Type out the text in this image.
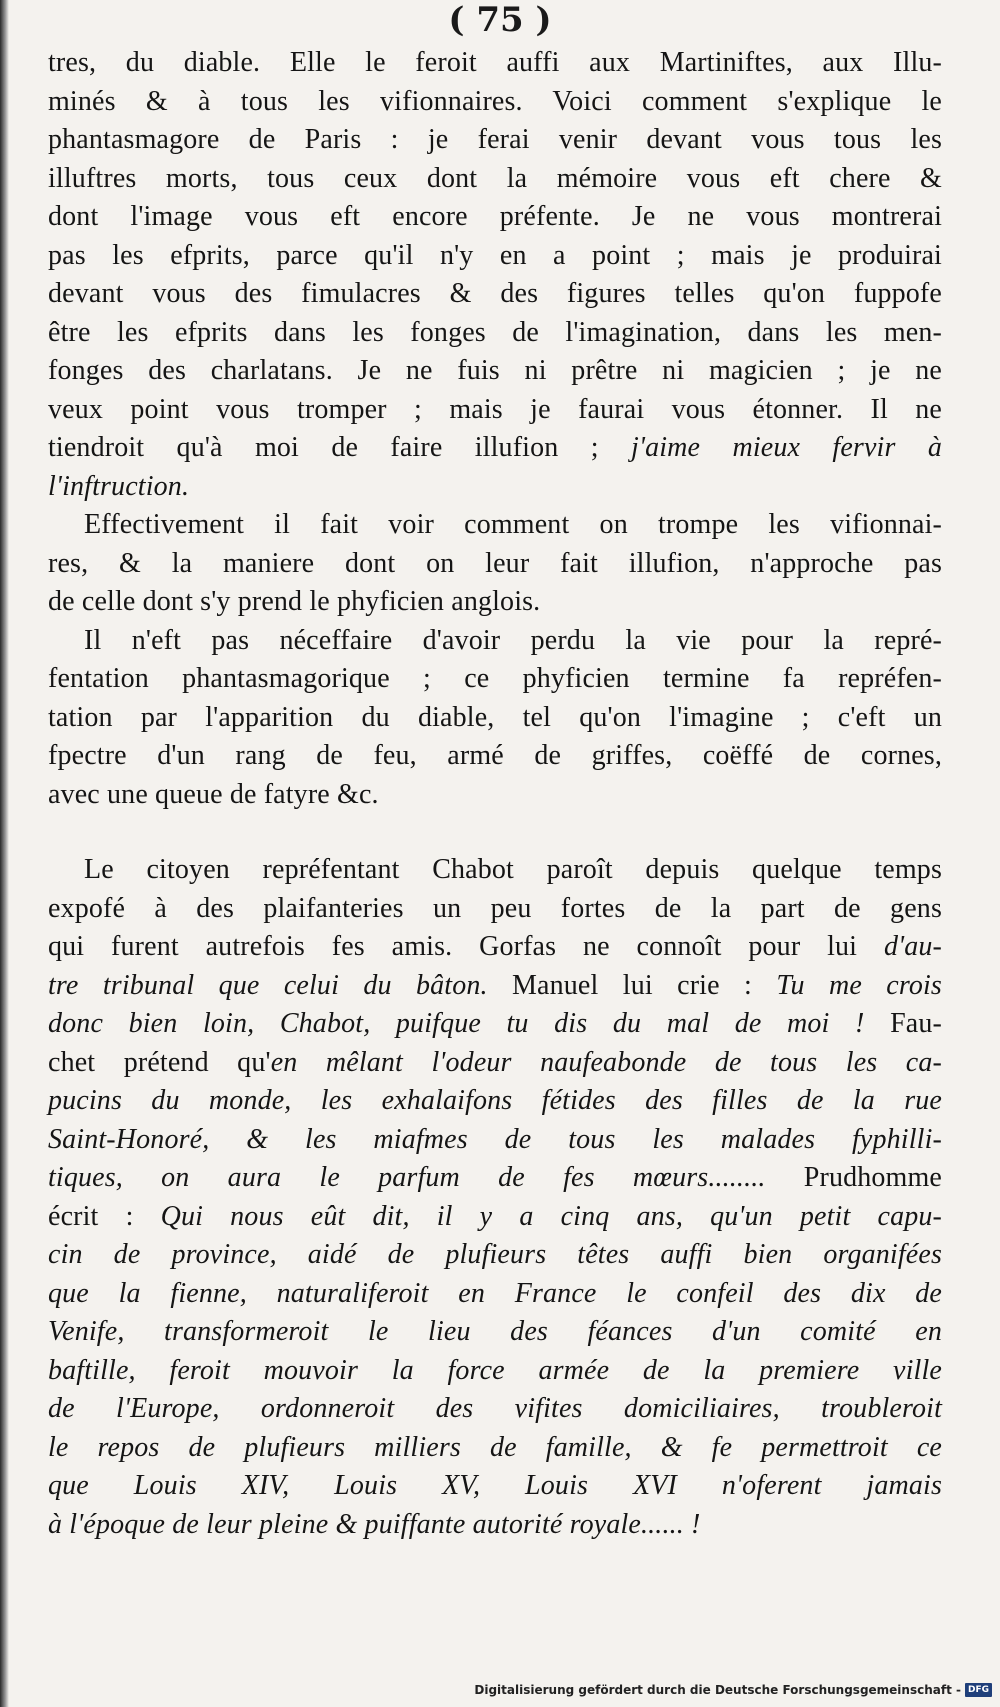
( 75 )
tres, du diable. Elle le feroit auffi aux Martiniftes, aux Illu-
minés & à tous les vifionnaires. Voici comment s'explique le
phantasmagore de Paris : je ferai venir devant vous tous les
illuftres morts, tous ceux dont la mémoire vous eft chere &
dont l'image vous eft encore préfente. Je ne vous montrerai
pas les efprits, parce qu'il n'y en a point ; mais je produirai
devant vous des fimulacres & des figures telles qu'on fuppofe
être les efprits dans les fonges de l'imagination, dans les men-
fonges des charlatans. Je ne fuis ni prêtre ni magicien ; je ne
veux point vous tromper ; mais je faurai vous étonner. Il ne
tiendroit qu'à moi de faire illufion ; j'aime mieux fervir à
l'inftruction.
Effectivement il fait voir comment on trompe les vifionnai-
res, & la maniere dont on leur fait illufion, n'approche pas
de celle dont s'y prend le phyficien anglois.
Il n'eft pas néceffaire d'avoir perdu la vie pour la repré-
fentation phantasmagorique ; ce phyficien termine fa repréfen-
tation par l'apparition du diable, tel qu'on l'imagine ; c'eft un
fpectre d'un rang de feu, armé de griffes, coëffé de cornes,
avec une queue de fatyre &c.
Le citoyen repréfentant Chabot paroît depuis quelque temps
expofé à des plaifanteries un peu fortes de la part de gens
qui furent autrefois fes amis. Gorfas ne connoît pour lui d'au-
tre tribunal que celui du bâton. Manuel lui crie : Tu me crois
donc bien loin, Chabot, puifque tu dis du mal de moi ! Fau-
chet prétend qu'en mêlant l'odeur naufeabonde de tous les ca-
pucins du monde, les exhalaifons fétides des filles de la rue
Saint-Honoré, & les miafmes de tous les malades fyphilli-
tiques, on aura le parfum de fes mœurs........ Prudhomme
écrit : Qui nous eût dit, il y a cinq ans, qu'un petit capu-
cin de province, aidé de plufieurs têtes auffi bien organifées
que la fienne, naturaliferoit en France le confeil des dix de
Venife, transformeroit le lieu des féances d'un comité en
baftille, feroit mouvoir la force armée de la premiere ville
de l'Europe, ordonneroit des vifites domiciliaires, troubleroit
le repos de plufieurs milliers de famille, & fe permettroit ce
que Louis XIV, Louis XV, Louis XVI n'oferent jamais
à l'époque de leur pleine & puiffante autorité royale...... !
Digitalisierung gefördert durch die Deutsche Forschungsgemeinschaft - DFG
